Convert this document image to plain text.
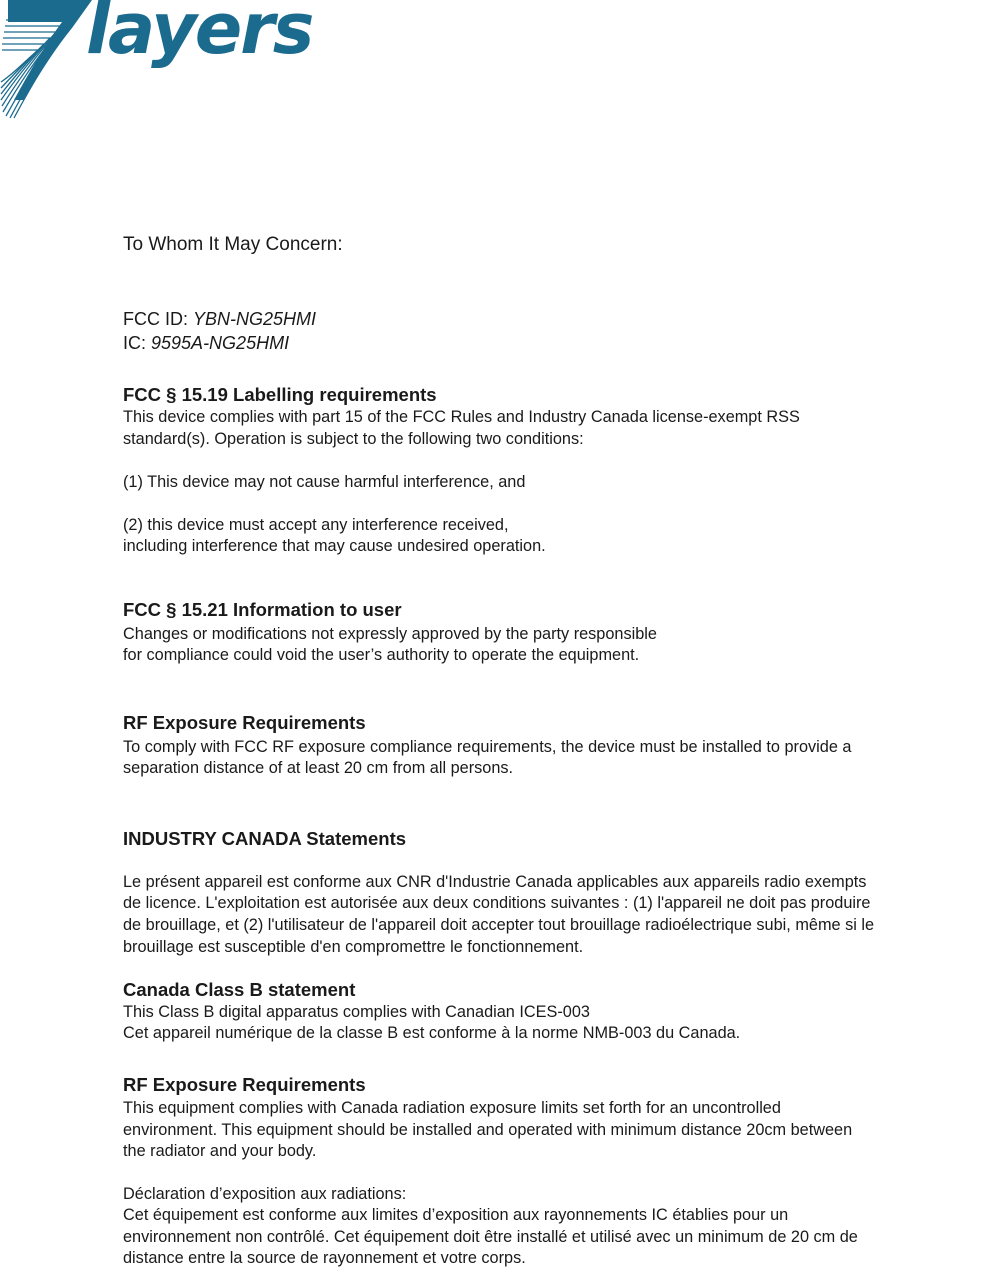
layers

To Whom It May Concern:

FCC ID: YBN-NG25HMI

IC: 9595A-NG25HMI

FCC § 15.19 Labelling requirements

This device complies with part 15 of the FCC Rules and Industry Canada license-exempt RSS

standard(s). Operation is subject to the following two conditions:

(1) This device may not cause harmful interference, and

(2) this device must accept any interference received,

including interference that may cause undesired operation.

FCC § 15.21 Information to user

Changes or modifications not expressly approved by the party responsible

for compliance could void the user’s authority to operate the equipment.

RF Exposure Requirements

To comply with FCC RF exposure compliance requirements, the device must be installed to provide a

separation distance of at least 20 cm from all persons.

INDUSTRY CANADA Statements

Le présent appareil est conforme aux CNR d'Industrie Canada applicables aux appareils radio exempts

de licence. L'exploitation est autorisée aux deux conditions suivantes : (1) l'appareil ne doit pas produire

de brouillage, et (2) l'utilisateur de l'appareil doit accepter tout brouillage radioélectrique subi, même si le

brouillage est susceptible d'en compromettre le fonctionnement.

Canada Class B statement

This Class B digital apparatus complies with Canadian ICES-003

Cet appareil numérique de la classe B est conforme à la norme NMB-003 du Canada.

RF Exposure Requirements

This equipment complies with Canada radiation exposure limits set forth for an uncontrolled

environment. This equipment should be installed and operated with minimum distance 20cm between

the radiator and your body.

Déclaration d’exposition aux radiations:

Cet équipement est conforme aux limites d’exposition aux rayonnements IC établies pour un

environnement non contrôlé. Cet équipement doit être installé et utilisé avec un minimum de 20 cm de

distance entre la source de rayonnement et votre corps.
